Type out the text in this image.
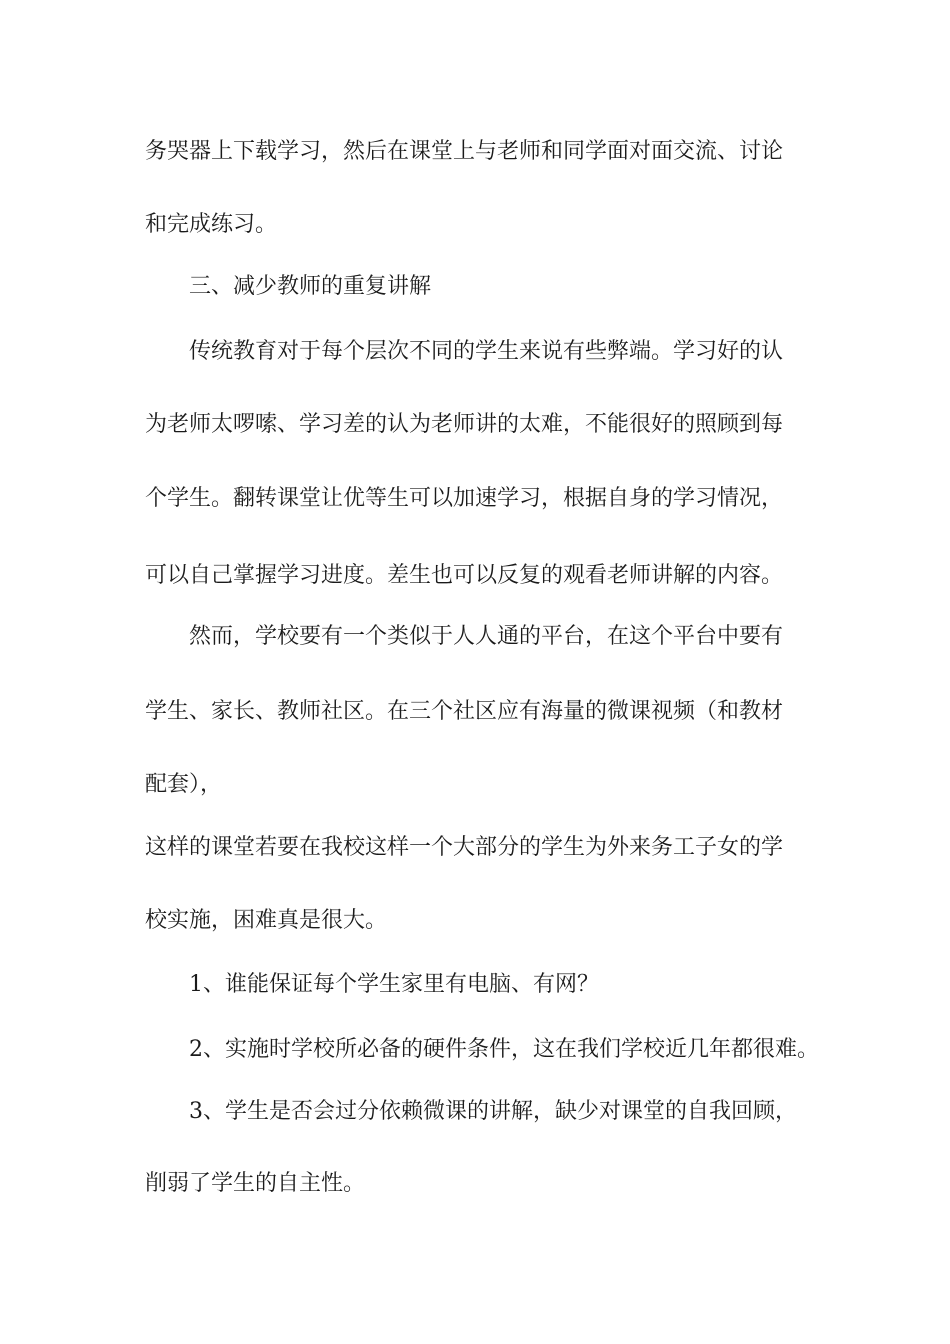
务哭器上下载学习，然后在课堂上与老师和同学面对面交流、讨论
和完成练习。
三、减少教师的重复讲解
传统教育对于每个层次不同的学生来说有些弊端。学习好的认
为老师太啰嗦、学习差的认为老师讲的太难，不能很好的照顾到每
个学生。翻转课堂让优等生可以加速学习，根据自身的学习情况，
可以自己掌握学习进度。差生也可以反复的观看老师讲解的内容。
然而，学校要有一个类似于人人通的平台，在这个平台中要有
学生、家长、教师社区。在三个社区应有海量的微课视频（和教材
配套），
这样的课堂若要在我校这样一个大部分的学生为外来务工子女的学
校实施，困难真是很大。
1、谁能保证每个学生家里有电脑、有网？
2、实施时学校所必备的硬件条件，这在我们学校近几年都很难。
3、学生是否会过分依赖微课的讲解，缺少对课堂的自我回顾，
削弱了学生的自主性。
